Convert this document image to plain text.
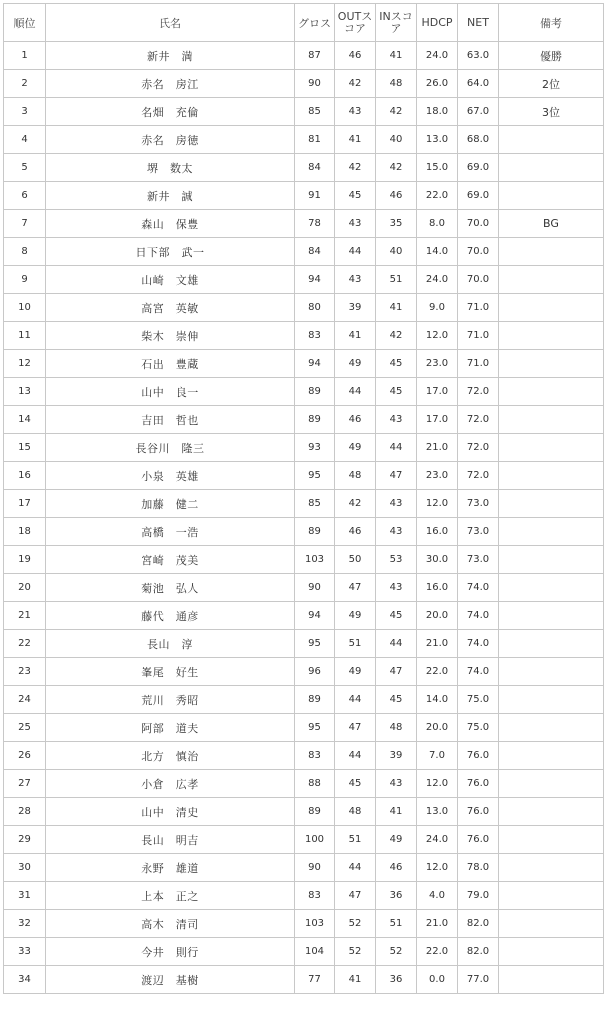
順位	氏名	グロス	OUTスコア	INスコア	HDCP	NET	備考
1	新井　満	87	46	41	24.0	63.0	優勝
2	赤名　房江	90	42	48	26.0	64.0	2位
3	名畑　充倫	85	43	42	18.0	67.0	3位
4	赤名　房徳	81	41	40	13.0	68.0	
5	堺　数太	84	42	42	15.0	69.0	
6	新井　誠	91	45	46	22.0	69.0	
7	森山　保豊	78	43	35	8.0	70.0	BG
8	日下部　武一	84	44	40	14.0	70.0	
9	山崎　文雄	94	43	51	24.0	70.0	
10	高宮　英敏	80	39	41	9.0	71.0	
11	柴木　崇伸	83	41	42	12.0	71.0	
12	石出　豊蔵	94	49	45	23.0	71.0	
13	山中　良一	89	44	45	17.0	72.0	
14	吉田　哲也	89	46	43	17.0	72.0	
15	長谷川　隆三	93	49	44	21.0	72.0	
16	小泉　英雄	95	48	47	23.0	72.0	
17	加藤　健二	85	42	43	12.0	73.0	
18	高橋　一浩	89	46	43	16.0	73.0	
19	宮崎　茂美	103	50	53	30.0	73.0	
20	菊池　弘人	90	47	43	16.0	74.0	
21	藤代　通彦	94	49	45	20.0	74.0	
22	長山　淳	95	51	44	21.0	74.0	
23	峯尾　好生	96	49	47	22.0	74.0	
24	荒川　秀昭	89	44	45	14.0	75.0	
25	阿部　道夫	95	47	48	20.0	75.0	
26	北方　慎治	83	44	39	7.0	76.0	
27	小倉　広孝	88	45	43	12.0	76.0	
28	山中　清史	89	48	41	13.0	76.0	
29	長山　明吉	100	51	49	24.0	76.0	
30	永野　雄道	90	44	46	12.0	78.0	
31	上本　正之	83	47	36	4.0	79.0	
32	高木　清司	103	52	51	21.0	82.0	
33	今井　則行	104	52	52	22.0	82.0	
34	渡辺　基樹	77	41	36	0.0	77.0	
